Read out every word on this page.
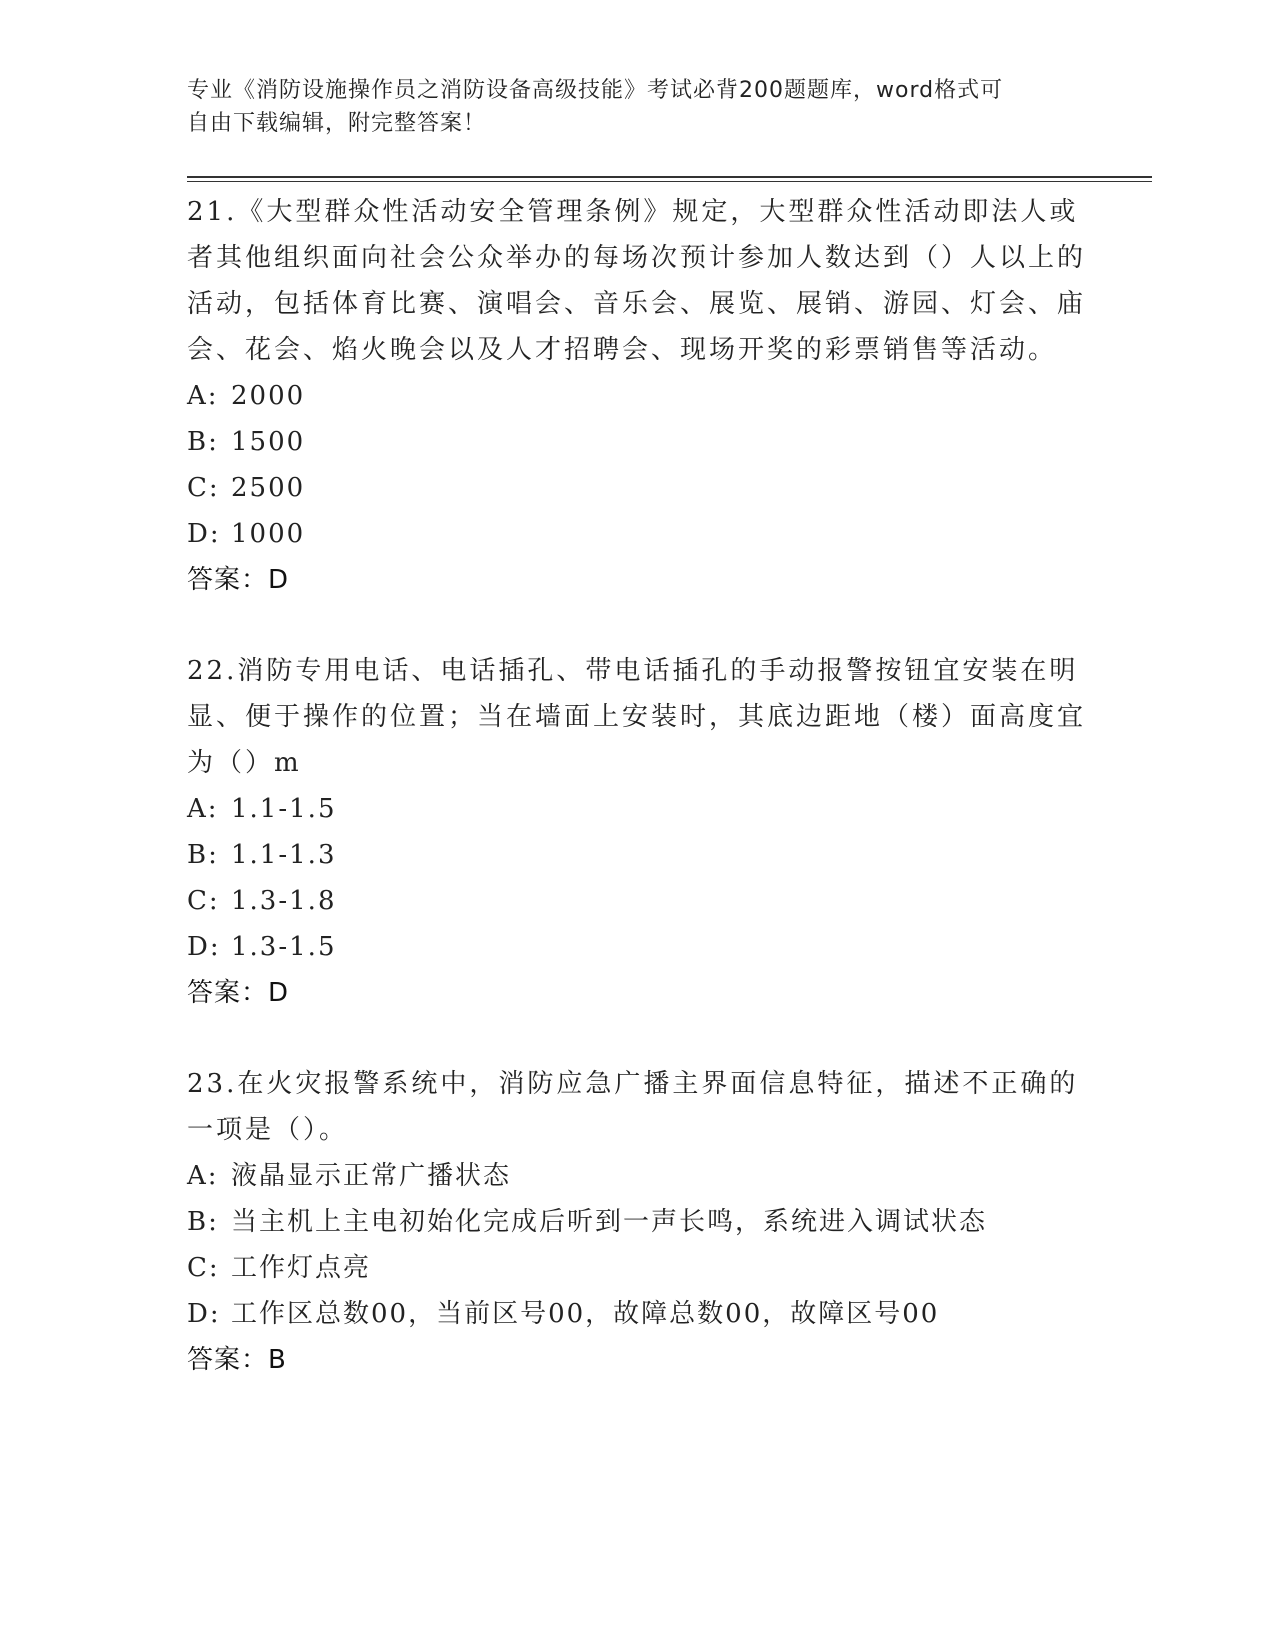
专业《消防设施操作员之消防设备高级技能》考试必背200题题库，word格式可
自由下载编辑，附完整答案！

21.《大型群众性活动安全管理条例》规定，大型群众性活动即法人或者其他组织面向社会公众举办的每场次预计参加人数达到（）人以上的活动，包括体育比赛、演唱会、音乐会、展览、展销、游园、灯会、庙会、花会、焰火晚会以及人才招聘会、现场开奖的彩票销售等活动。

A: 2000

B: 1500

C: 2500

D: 1000

答案：D

22.消防专用电话、电话插孔、带电话插孔的手动报警按钮宜安装在明显、便于操作的位置；当在墙面上安装时，其底边距地（楼）面高度宜为（）m

A: 1.1-1.5

B: 1.1-1.3

C: 1.3-1.8

D: 1.3-1.5

答案：D

23.在火灾报警系统中，消防应急广播主界面信息特征，描述不正确的一项是（）。

A: 液晶显示正常广播状态

B: 当主机上主电初始化完成后听到一声长鸣，系统进入调试状态

C: 工作灯点亮

D: 工作区总数00，当前区号00，故障总数00，故障区号00

答案：B
